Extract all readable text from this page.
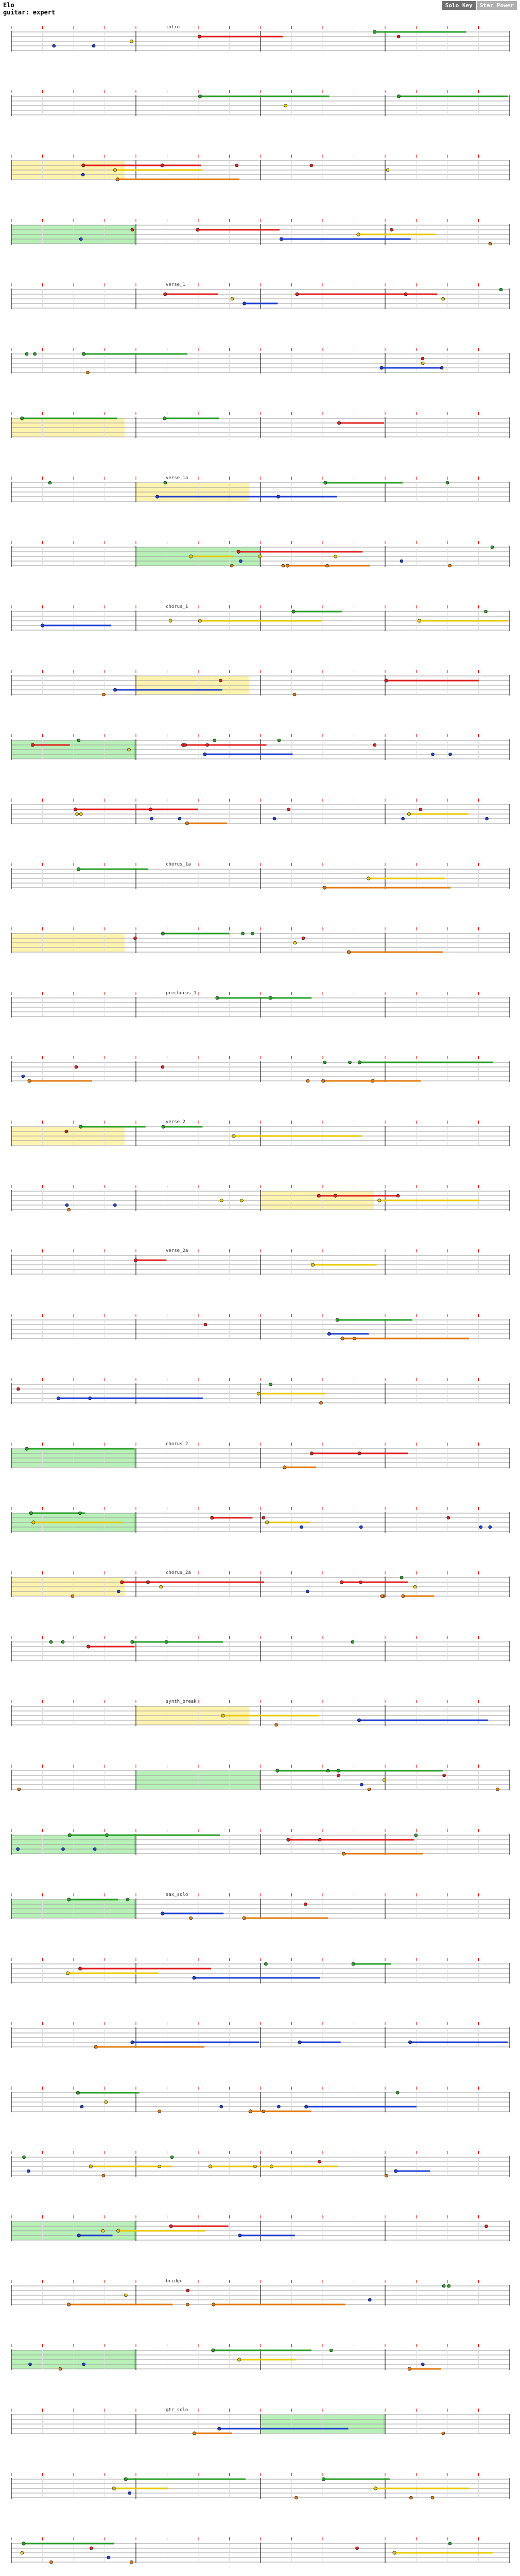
Elo
guitar: expert
Solo Key	Star Power
intro
verse_1
verse_1a
chorus_1
chorus_1a
prechorus_1
verse_2
verse_2a
chorus_2
chorus_2a
synth_break
sax_solo
bridge
gtr_solo
